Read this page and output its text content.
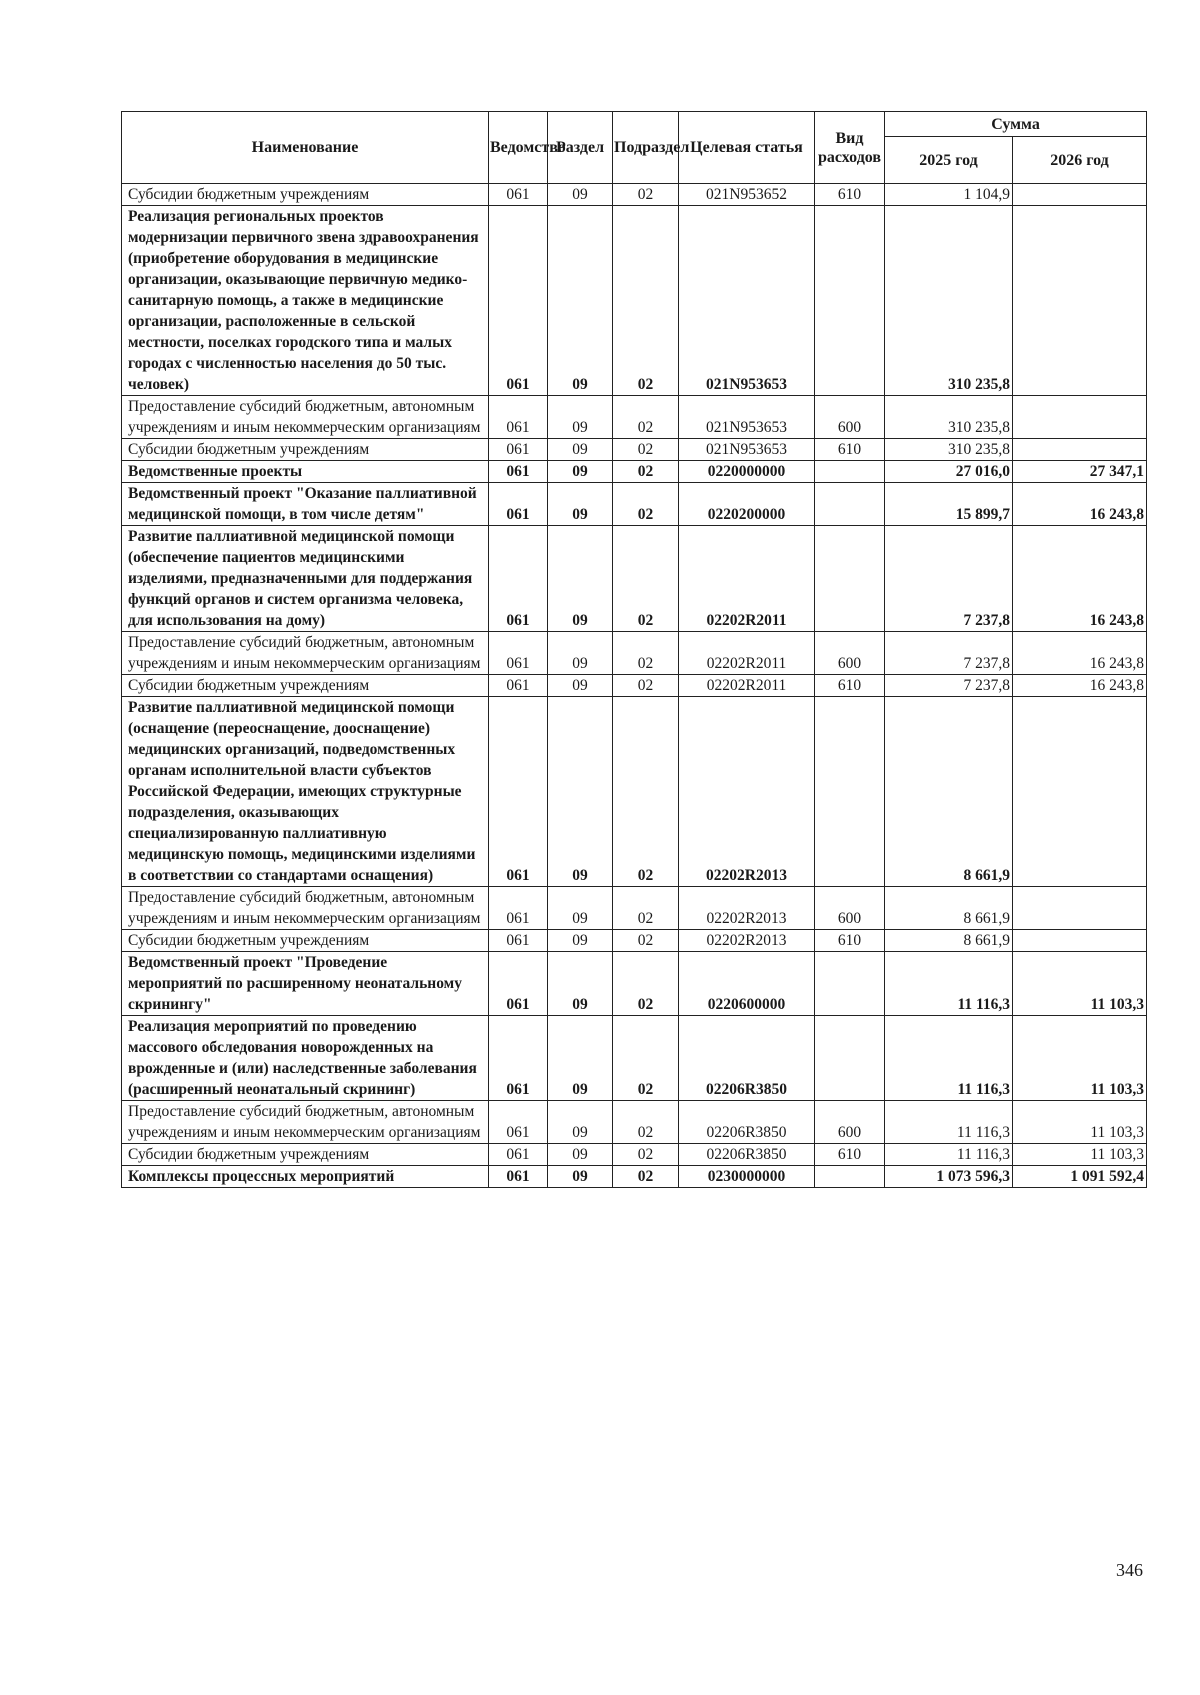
Наименование	Ведомство	Раздел	Подраздел	Целевая статья	Вид расходов	Сумма	
						2025 год	2026 год
Субсидии бюджетным учреждениям	061	09	02	021N953652	610	1 104,9	
Реализация региональных проектов модернизации первичного звена здравоохранения (приобретение оборудования в медицинские организации, оказывающие первичную медико-санитарную помощь, а также в медицинские организации, расположенные в сельской местности, поселках городского типа и малых городах с численностью населения до 50 тыс. человек)	061	09	02	021N953653		310 235,8	
Предоставление субсидий бюджетным, автономным учреждениям и иным некоммерческим организациям	061	09	02	021N953653	600	310 235,8	
Субсидии бюджетным учреждениям	061	09	02	021N953653	610	310 235,8	
Ведомственные проекты	061	09	02	0220000000		27 016,0	27 347,1
Ведомственный проект "Оказание паллиативной медицинской помощи, в том числе детям"	061	09	02	0220200000		15 899,7	16 243,8
Развитие паллиативной медицинской помощи (обеспечение пациентов медицинскими изделиями, предназначенными для поддержания функций органов и систем организма человека, для использования на дому)	061	09	02	02202R2011		7 237,8	16 243,8
Предоставление субсидий бюджетным, автономным учреждениям и иным некоммерческим организациям	061	09	02	02202R2011	600	7 237,8	16 243,8
Субсидии бюджетным учреждениям	061	09	02	02202R2011	610	7 237,8	16 243,8
Развитие паллиативной медицинской помощи (оснащение (переоснащение, дооснащение) медицинских организаций, подведомственных органам исполнительной власти субъектов Российской Федерации, имеющих структурные подразделения, оказывающих специализированную паллиативную медицинскую помощь, медицинскими изделиями в соответствии со стандартами оснащения)	061	09	02	02202R2013		8 661,9	
Предоставление субсидий бюджетным, автономным учреждениям и иным некоммерческим организациям	061	09	02	02202R2013	600	8 661,9	
Субсидии бюджетным учреждениям	061	09	02	02202R2013	610	8 661,9	
Ведомственный проект "Проведение мероприятий по расширенному неонатальному скринингу"	061	09	02	0220600000		11 116,3	11 103,3
Реализация мероприятий по проведению массового обследования новорожденных на врожденные и (или) наследственные заболевания (расширенный неонатальный скрининг)	061	09	02	02206R3850		11 116,3	11 103,3
Предоставление субсидий бюджетным, автономным учреждениям и иным некоммерческим организациям	061	09	02	02206R3850	600	11 116,3	11 103,3
Субсидии бюджетным учреждениям	061	09	02	02206R3850	610	11 116,3	11 103,3
Комплексы процессных мероприятий	061	09	02	0230000000		1 073 596,3	1 091 592,4
346
